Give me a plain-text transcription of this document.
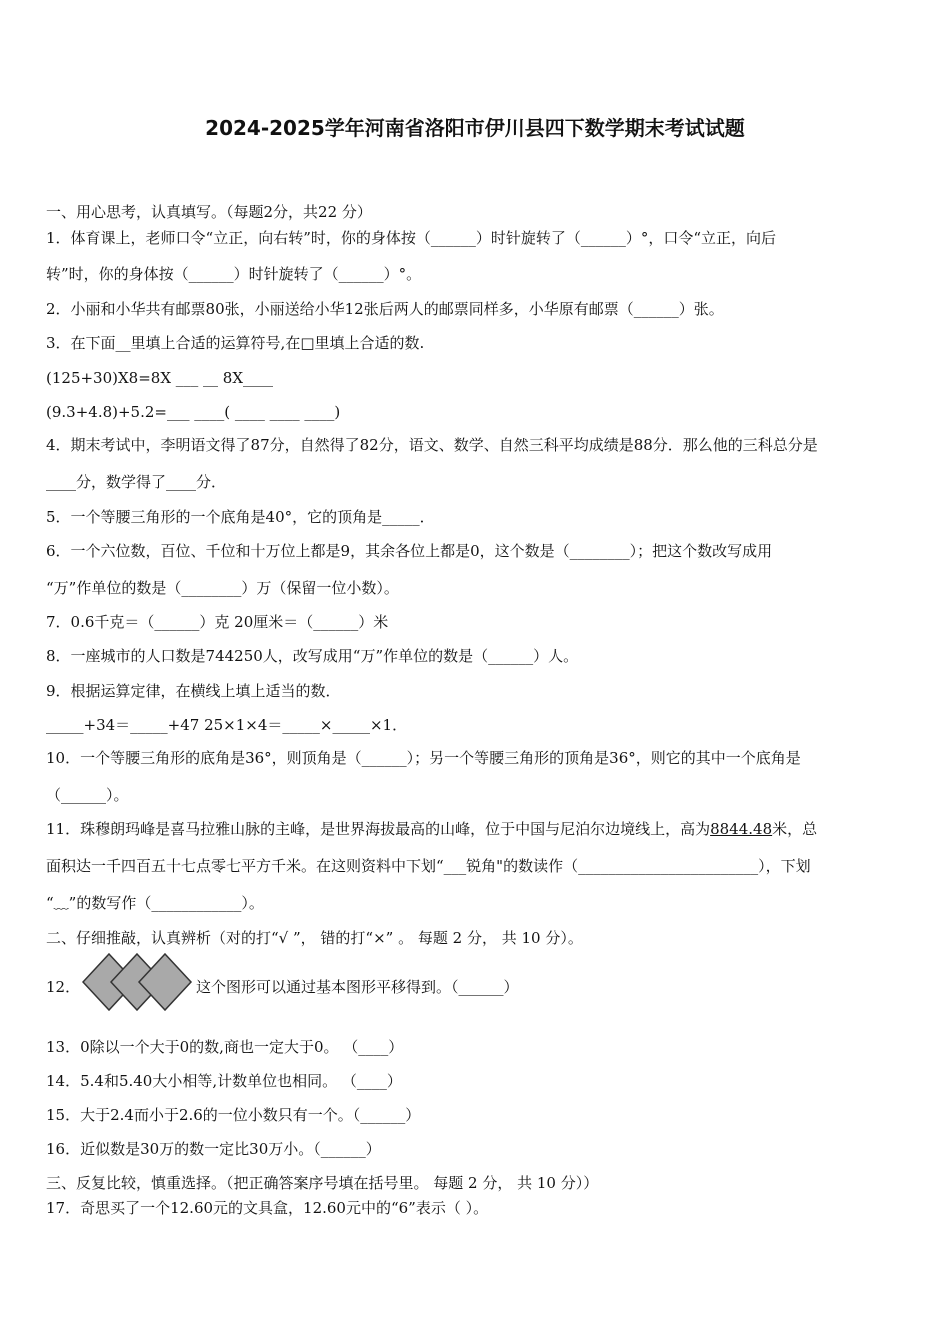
2024-2025学年河南省洛阳市伊川县四下数学期末考试试题
一、用心思考，认真填写。（每题2分，共22 分）
1．体育课上，老师口令“立正，向右转”时，你的身体按（______）时针旋转了（______）°，口令“立正，向后
转”时，你的身体按（______）时针旋转了（______）°。
2．小丽和小华共有邮票80张，小丽送给小华12张后两人的邮票同样多，小华原有邮票（______）张。
3．在下面__里填上合适的运算符号,在□里填上合适的数.
(125+30)X8=8X ___ __ 8X____
(9.3+4.8)+5.2=___ ____( ____ ____ ____)
4．期末考试中，李明语文得了87分，自然得了82分，语文、数学、自然三科平均成绩是88分．那么他的三科总分是
____分，数学得了____分．
5．一个等腰三角形的一个底角是40°，它的顶角是_____．
6．一个六位数，百位、千位和十万位上都是9，其余各位上都是0，这个数是（________）；把这个数改写成用
“万”作单位的数是（________）万（保留一位小数）。
7．0.6千克＝（______）克 20厘米＝（______）米
8．一座城市的人口数是744250人，改写成用“万”作单位的数是（______）人。
9．根据运算定律，在横线上填上适当的数．
_____+34＝_____+47 25×1×4＝_____×_____×1．
10．一个等腰三角形的底角是36°，则顶角是（______）；另一个等腰三角形的顶角是36°，则它的其中一个底角是
（______）。
11．珠穆朗玛峰是喜马拉雅山脉的主峰，是世界海拔最高的山峰，位于中国与尼泊尔边境线上，高为8844.48米，总
面积达一千四百五十七点零七平方千米。在这则资料中下划“___锐角"的数读作（________________________），下划
“﹏”的数写作（____________）。
二、仔细推敲，认真辨析（对的打“√ ”， 错的打“×” 。 每题 2 分， 共 10 分）。
12．	这个图形可以通过基本图形平移得到。（______）
13．0除以一个大于0的数,商也一定大于0。 （____）
14．5.4和5.40大小相等,计数单位也相同。 （____）
15．大于2.4而小于2.6的一位小数只有一个。（______）
16．近似数是30万的数一定比30万小。（______）
三、反复比较，慎重选择。（把正确答案序号填在括号里。 每题 2 分， 共 10 分））
17．奇思买了一个12.60元的文具盒，12.60元中的“6”表示（ ）。
